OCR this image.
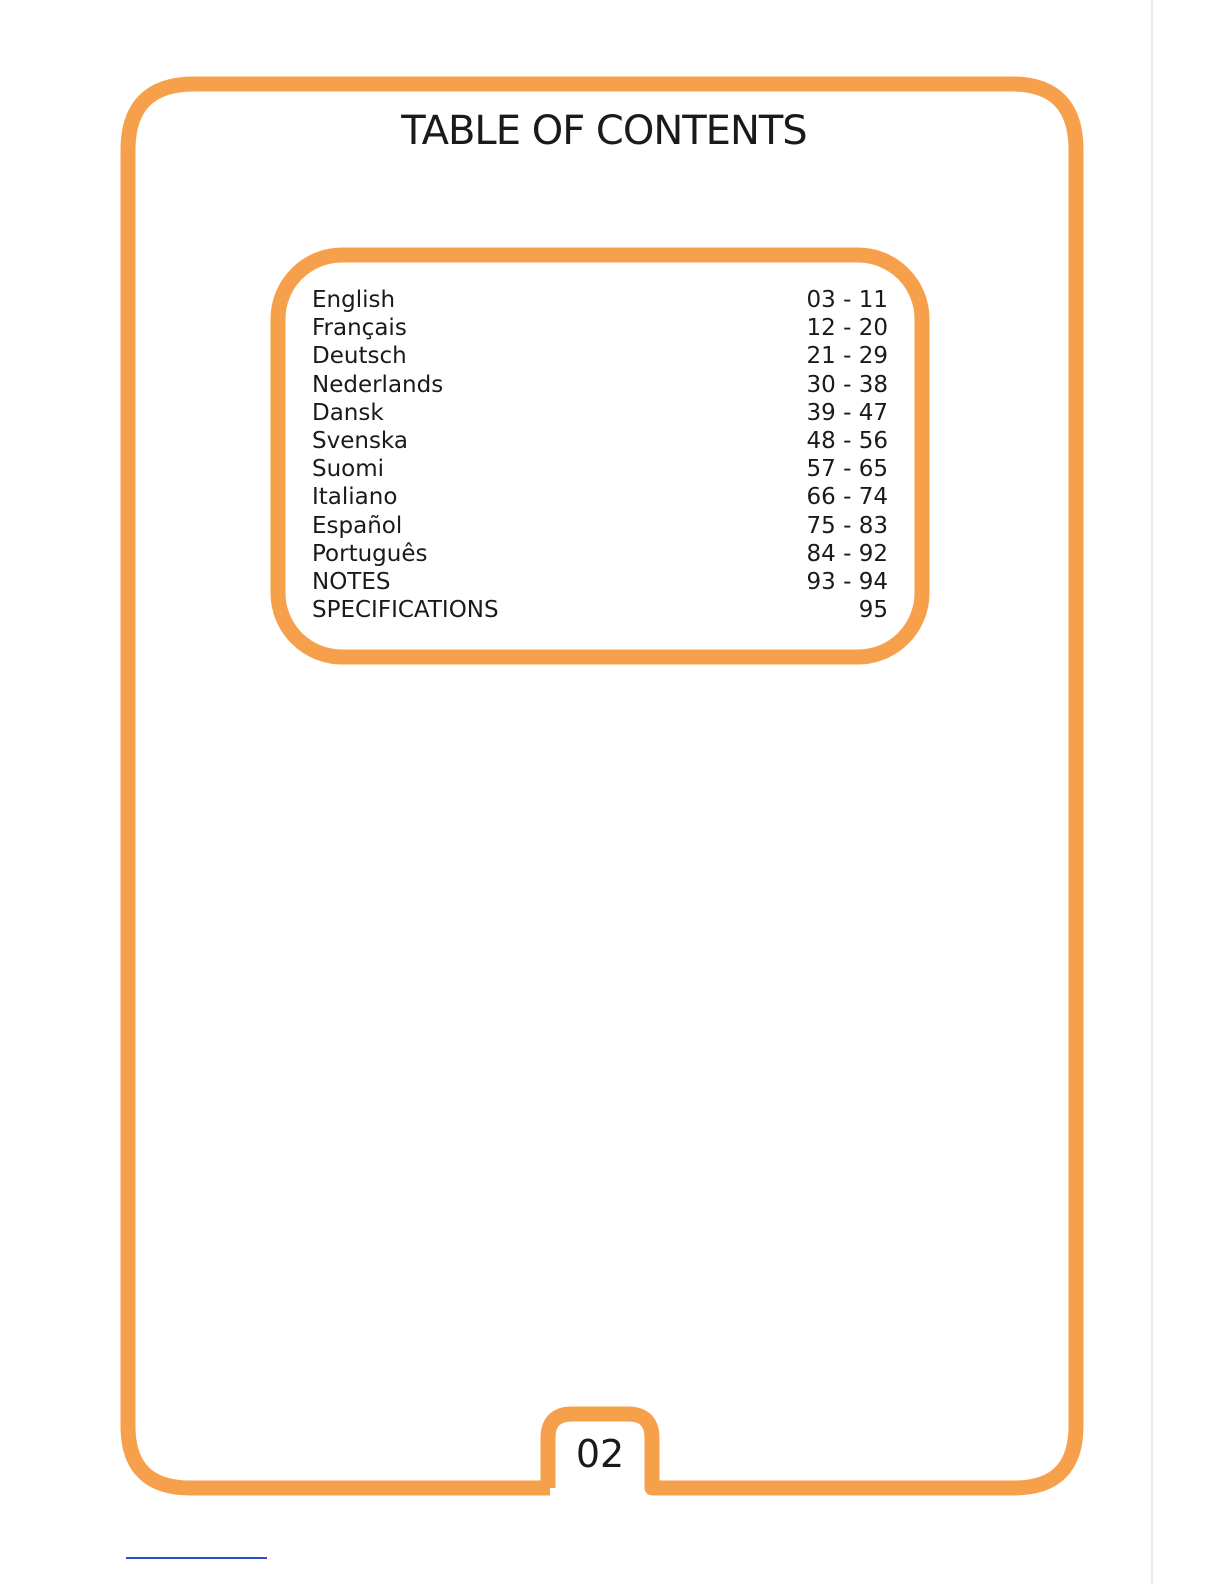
TABLE OF CONTENTS
English	03 - 11
Français	12 - 20
Deutsch	21 - 29
Nederlands	30 - 38
Dansk	39 - 47
Svenska	48 - 56
Suomi	57 - 65
Italiano	66 - 74
Español	75 - 83
Português	84 - 92
NOTES	93 - 94
SPECIFICATIONS	95
02
